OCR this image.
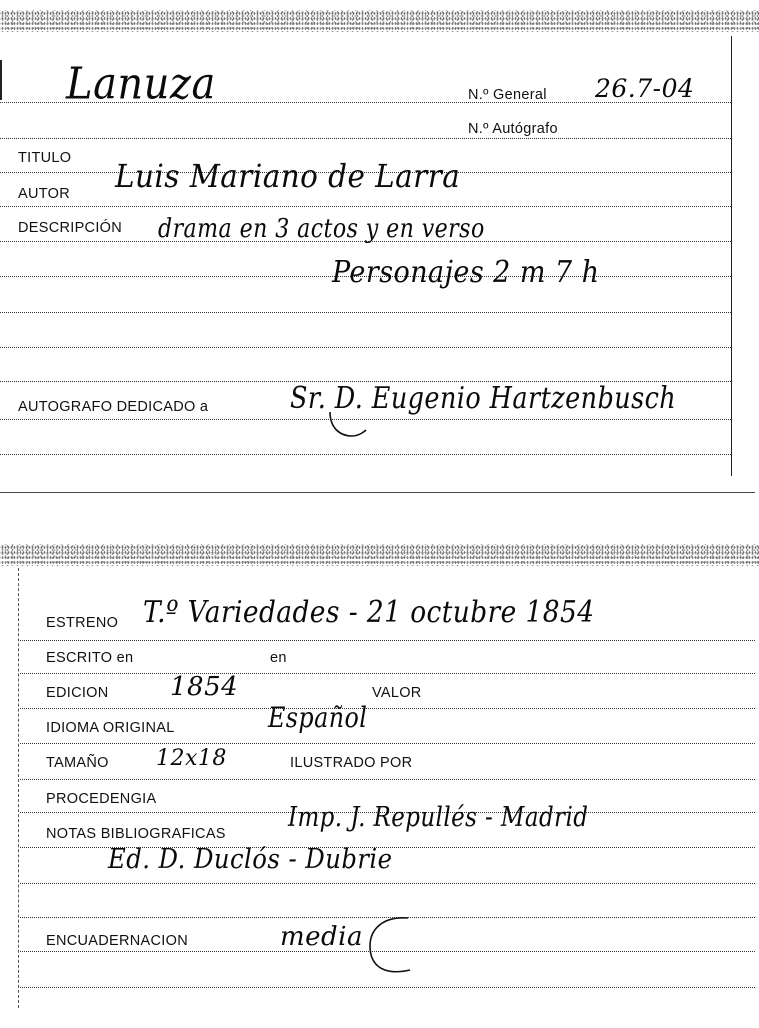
Lanuza	N.º General 26.7-04
N.º Autógrafo
TITULO
AUTOR Luis Mariano de Larra
DESCRIPCIÓN drama en 3 actos y en verso
Personajes 2 m 7 h
AUTOGRAFO DEDICADO a	Sr. D. Eugenio Hartzenbusch
ESTRENO T.º Variedades - 21 octubre 1854
ESCRITO en	en
EDICION 1854	VALOR
IDIOMA ORIGINAL	Español
TAMAÑO 12x18	ILUSTRADO POR
PROCEDENGIA
NOTAS BIBLIOGRAFICAS
Imp. J. Repullés - Madrid
Ed. D. Duclós - Dubrie
ENCUADERNACION	media
